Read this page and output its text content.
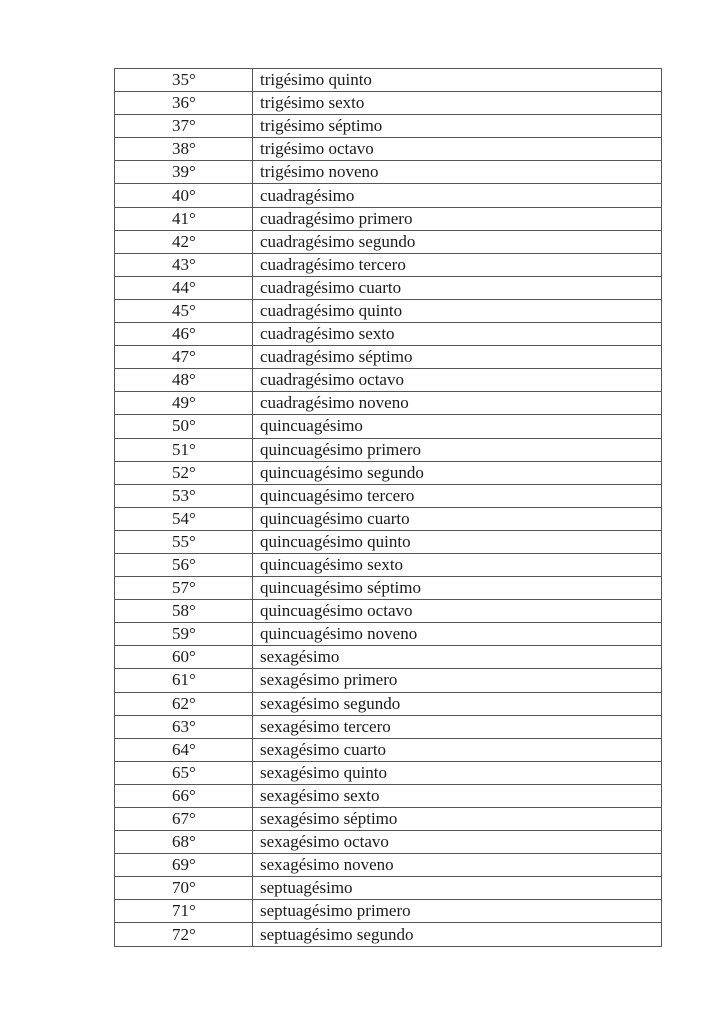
35°	trigésimo quinto
36°	trigésimo sexto
37°	trigésimo séptimo
38°	trigésimo octavo
39°	trigésimo noveno
40°	cuadragésimo
41°	cuadragésimo primero
42°	cuadragésimo segundo
43°	cuadragésimo tercero
44°	cuadragésimo cuarto
45°	cuadragésimo quinto
46°	cuadragésimo sexto
47°	cuadragésimo séptimo
48°	cuadragésimo octavo
49°	cuadragésimo noveno
50°	quincuagésimo
51°	quincuagésimo primero
52°	quincuagésimo segundo
53°	quincuagésimo tercero
54°	quincuagésimo cuarto
55°	quincuagésimo quinto
56°	quincuagésimo sexto
57°	quincuagésimo séptimo
58°	quincuagésimo octavo
59°	quincuagésimo noveno
60°	sexagésimo
61°	sexagésimo primero
62°	sexagésimo segundo
63°	sexagésimo tercero
64°	sexagésimo cuarto
65°	sexagésimo quinto
66°	sexagésimo sexto
67°	sexagésimo séptimo
68°	sexagésimo octavo
69°	sexagésimo noveno
70°	septuagésimo
71°	septuagésimo primero
72°	septuagésimo segundo
